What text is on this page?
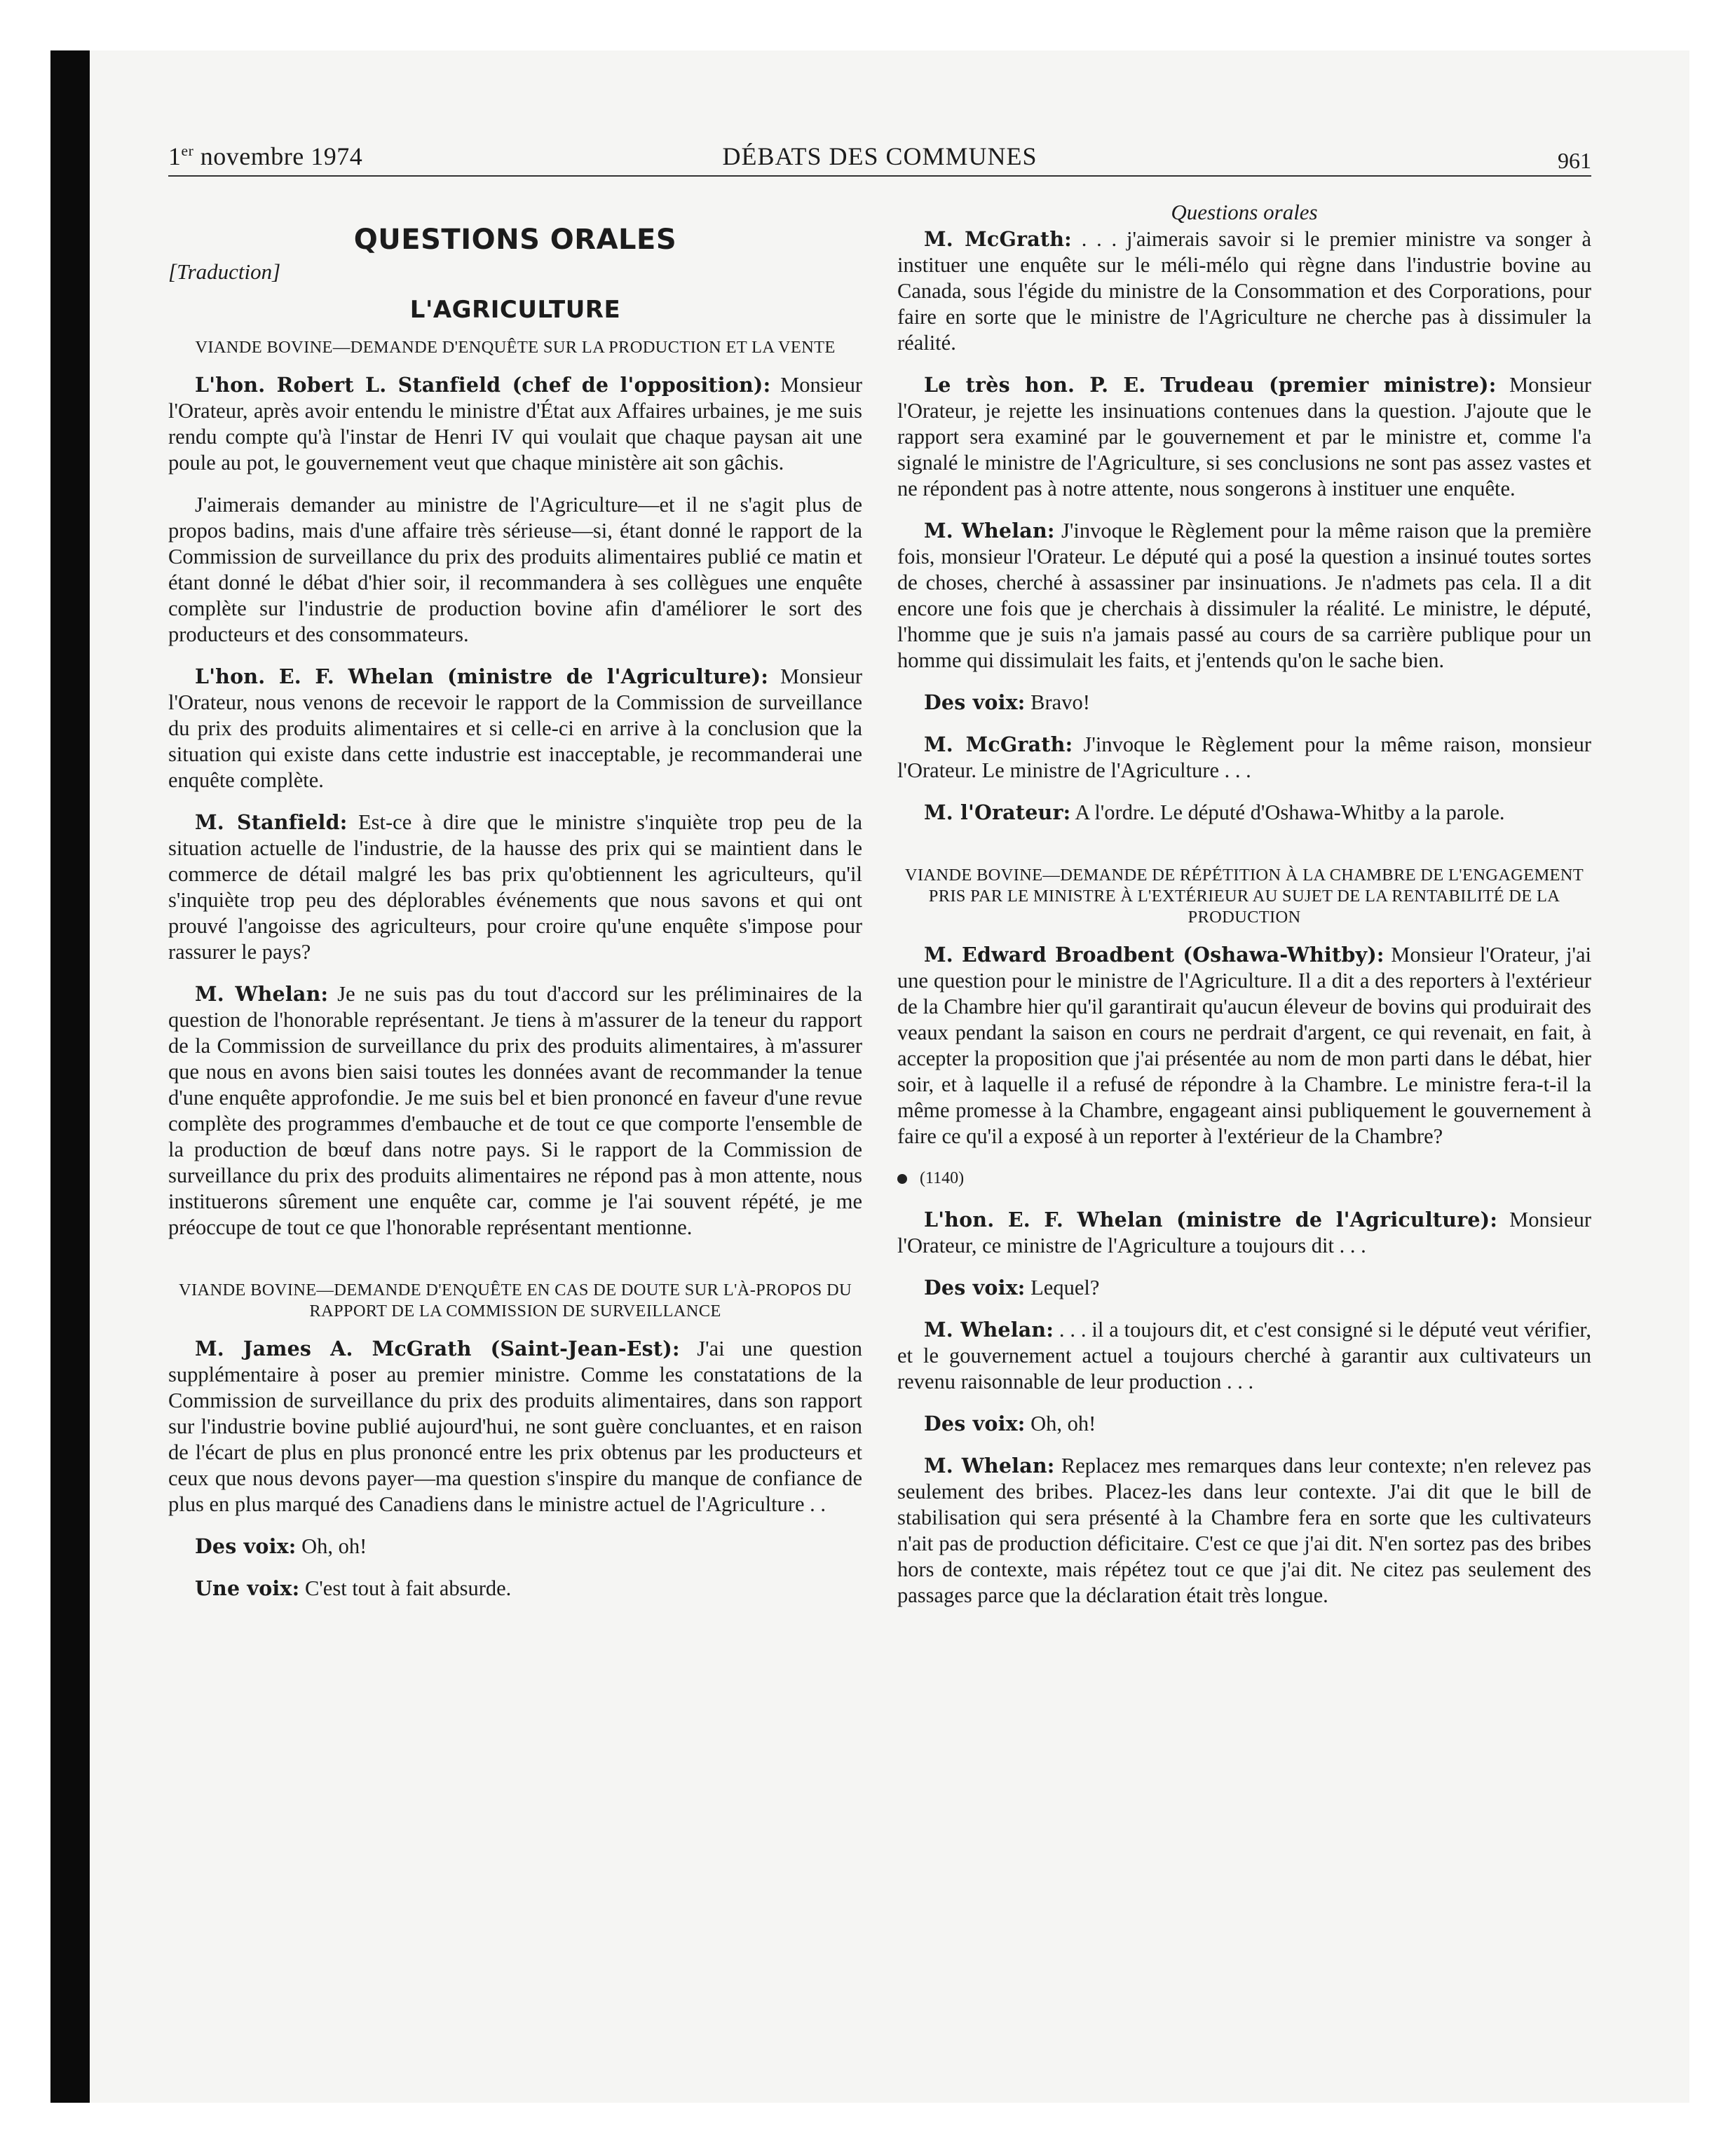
1er novembre 1974	DÉBATS DES COMMUNES	961
QUESTIONS ORALES
[Traduction]
L'AGRICULTURE
VIANDE BOVINE—DEMANDE D'ENQUÊTE SUR LA PRODUCTION ET LA VENTE

L'hon. Robert L. Stanfield (chef de l'opposition): Monsieur l'Orateur, après avoir entendu le ministre d'État aux Affaires urbaines, je me suis rendu compte qu'à l'instar de Henri IV qui voulait que chaque paysan ait une poule au pot, le gouvernement veut que chaque ministère ait son gâchis.

J'aimerais demander au ministre de l'Agriculture—et il ne s'agit plus de propos badins, mais d'une affaire très sérieuse—si, étant donné le rapport de la Commission de surveillance du prix des produits alimentaires publié ce matin et étant donné le débat d'hier soir, il recommandera à ses collègues une enquête complète sur l'industrie de production bovine afin d'améliorer le sort des producteurs et des consommateurs.

L'hon. E. F. Whelan (ministre de l'Agriculture): Monsieur l'Orateur, nous venons de recevoir le rapport de la Commission de surveillance du prix des produits alimentaires et si celle-ci en arrive à la conclusion que la situation qui existe dans cette industrie est inacceptable, je recommanderai une enquête complète.

M. Stanfield: Est-ce à dire que le ministre s'inquiète trop peu de la situation actuelle de l'industrie, de la hausse des prix qui se maintient dans le commerce de détail malgré les bas prix qu'obtiennent les agriculteurs, qu'il s'inquiète trop peu des déplorables événements que nous savons et qui ont prouvé l'angoisse des agriculteurs, pour croire qu'une enquête s'impose pour rassurer le pays?

M. Whelan: Je ne suis pas du tout d'accord sur les préliminaires de la question de l'honorable représentant. Je tiens à m'assurer de la teneur du rapport de la Commission de surveillance du prix des produits alimentaires, à m'assurer que nous en avons bien saisi toutes les données avant de recommander la tenue d'une enquête approfondie. Je me suis bel et bien prononcé en faveur d'une revue complète des programmes d'embauche et de tout ce que comporte l'ensemble de la production de bœuf dans notre pays. Si le rapport de la Commission de surveillance du prix des produits alimentaires ne répond pas à mon attente, nous instituerons sûrement une enquête car, comme je l'ai souvent répété, je me préoccupe de tout ce que l'honorable représentant mentionne.

VIANDE BOVINE—DEMANDE D'ENQUÊTE EN CAS DE DOUTE SUR L'À-PROPOS DU RAPPORT DE LA COMMISSION DE SURVEILLANCE

M. James A. McGrath (Saint-Jean-Est): J'ai une question supplémentaire à poser au premier ministre. Comme les constatations de la Commission de surveillance du prix des produits alimentaires, dans son rapport sur l'industrie bovine publié aujourd'hui, ne sont guère concluantes, et en raison de l'écart de plus en plus prononcé entre les prix obtenus par les producteurs et ceux que nous devons payer—ma question s'inspire du manque de confiance de plus en plus marqué des Canadiens dans le ministre actuel de l'Agriculture . .

Des voix: Oh, oh!

Une voix: C'est tout à fait absurde.

Questions orales

M. McGrath: . . . j'aimerais savoir si le premier ministre va songer à instituer une enquête sur le méli-mélo qui règne dans l'industrie bovine au Canada, sous l'égide du ministre de la Consommation et des Corporations, pour faire en sorte que le ministre de l'Agriculture ne cherche pas à dissimuler la réalité.

Le très hon. P. E. Trudeau (premier ministre): Monsieur l'Orateur, je rejette les insinuations contenues dans la question. J'ajoute que le rapport sera examiné par le gouvernement et par le ministre et, comme l'a signalé le ministre de l'Agriculture, si ses conclusions ne sont pas assez vastes et ne répondent pas à notre attente, nous songerons à instituer une enquête.

M. Whelan: J'invoque le Règlement pour la même raison que la première fois, monsieur l'Orateur. Le député qui a posé la question a insinué toutes sortes de choses, cherché à assassiner par insinuations. Je n'admets pas cela. Il a dit encore une fois que je cherchais à dissimuler la réalité. Le ministre, le député, l'homme que je suis n'a jamais passé au cours de sa carrière publique pour un homme qui dissimulait les faits, et j'entends qu'on le sache bien.

Des voix: Bravo!

M. McGrath: J'invoque le Règlement pour la même raison, monsieur l'Orateur. Le ministre de l'Agriculture . . .

M. l'Orateur: A l'ordre. Le député d'Oshawa-Whitby a la parole.

VIANDE BOVINE—DEMANDE DE RÉPÉTITION À LA CHAMBRE DE L'ENGAGEMENT PRIS PAR LE MINISTRE À L'EXTÉRIEUR AU SUJET DE LA RENTABILITÉ DE LA PRODUCTION

M. Edward Broadbent (Oshawa-Whitby): Monsieur l'Orateur, j'ai une question pour le ministre de l'Agriculture. Il a dit a des reporters à l'extérieur de la Chambre hier qu'il garantirait qu'aucun éleveur de bovins qui produirait des veaux pendant la saison en cours ne perdrait d'argent, ce qui revenait, en fait, à accepter la proposition que j'ai présentée au nom de mon parti dans le débat, hier soir, et à laquelle il a refusé de répondre à la Chambre. Le ministre fera-t-il la même promesse à la Chambre, engageant ainsi publiquement le gouvernement à faire ce qu'il a exposé à un reporter à l'extérieur de la Chambre?

(1140)

L'hon. E. F. Whelan (ministre de l'Agriculture): Monsieur l'Orateur, ce ministre de l'Agriculture a toujours dit . . .

Des voix: Lequel?

M. Whelan: . . . il a toujours dit, et c'est consigné si le député veut vérifier, et le gouvernement actuel a toujours cherché à garantir aux cultivateurs un revenu raisonnable de leur production . . .

Des voix: Oh, oh!

M. Whelan: Replacez mes remarques dans leur contexte; n'en relevez pas seulement des bribes. Placez-les dans leur contexte. J'ai dit que le bill de stabilisation qui sera présenté à la Chambre fera en sorte que les cultivateurs n'ait pas de production déficitaire. C'est ce que j'ai dit. N'en sortez pas des bribes hors de contexte, mais répétez tout ce que j'ai dit. Ne citez pas seulement des passages parce que la déclaration était très longue.
